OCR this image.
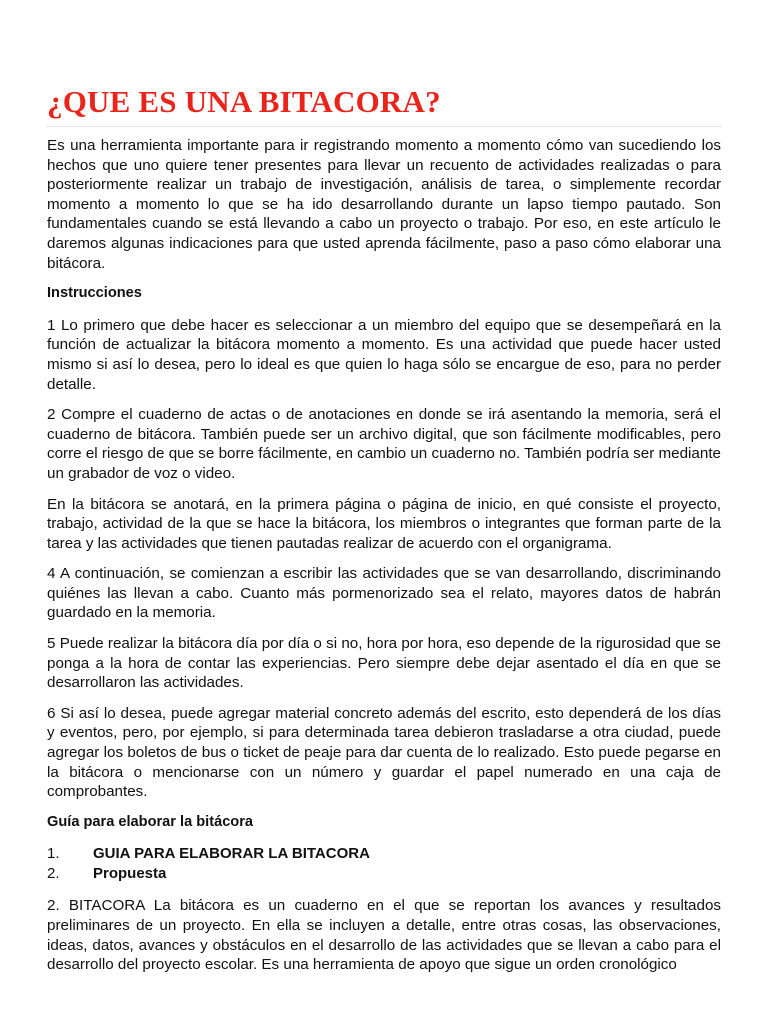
¿QUE ES UNA BITACORA?

Es una herramienta importante para ir registrando momento a momento cómo van sucediendo los hechos que uno quiere tener presentes para llevar un recuento de actividades realizadas o para posteriormente realizar un trabajo de investigación, análisis de tarea, o simplemente recordar momento a momento lo que se ha ido desarrollando durante un lapso tiempo pautado. Son fundamentales cuando se está llevando a cabo un proyecto o trabajo. Por eso, en este artículo le daremos algunas indicaciones para que usted aprenda fácilmente, paso a paso cómo elaborar una bitácora.

Instrucciones

1 Lo primero que debe hacer es seleccionar a un miembro del equipo que se desempeñará en la función de actualizar la bitácora momento a momento. Es una actividad que puede hacer usted mismo si así lo desea, pero lo ideal es que quien lo haga sólo se encargue de eso, para no perder detalle.

2 Compre el cuaderno de actas o de anotaciones en donde se irá asentando la memoria, será el cuaderno de bitácora. También puede ser un archivo digital, que son fácilmente modificables, pero corre el riesgo de que se borre fácilmente, en cambio un cuaderno no. También podría ser mediante un grabador de voz o video.

En la bitácora se anotará, en la primera página o página de inicio, en qué consiste el proyecto, trabajo, actividad de la que se hace la bitácora, los miembros o integrantes que forman parte de la tarea y las actividades que tienen pautadas realizar de acuerdo con el organigrama.

4 A continuación, se comienzan a escribir las actividades que se van desarrollando, discriminando quiénes las llevan a cabo. Cuanto más pormenorizado sea el relato, mayores datos de habrán guardado en la memoria.

5 Puede realizar la bitácora día por día o si no, hora por hora, eso depende de la rigurosidad que se ponga a la hora de contar las experiencias. Pero siempre debe dejar asentado el día en que se desarrollaron las actividades.

6 Si así lo desea, puede agregar material concreto además del escrito, esto dependerá de los días y eventos, pero, por ejemplo, si para determinada tarea debieron trasladarse a otra ciudad, puede agregar los boletos de bus o ticket de peaje para dar cuenta de lo realizado. Esto puede pegarse en la bitácora o mencionarse con un número y guardar el papel numerado en una caja de comprobantes.

Guía para elaborar la bitácora

1.	GUIA PARA ELABORAR LA BITACORA
2.	Propuesta

2. BITACORA La bitácora es un cuaderno en el que se reportan los avances y resultados preliminares de un proyecto. En ella se incluyen a detalle, entre otras cosas, las observaciones, ideas, datos, avances y obstáculos en el desarrollo de las actividades que se llevan a cabo para el desarrollo del proyecto escolar. Es una herramienta de apoyo que sigue un orden cronológico
